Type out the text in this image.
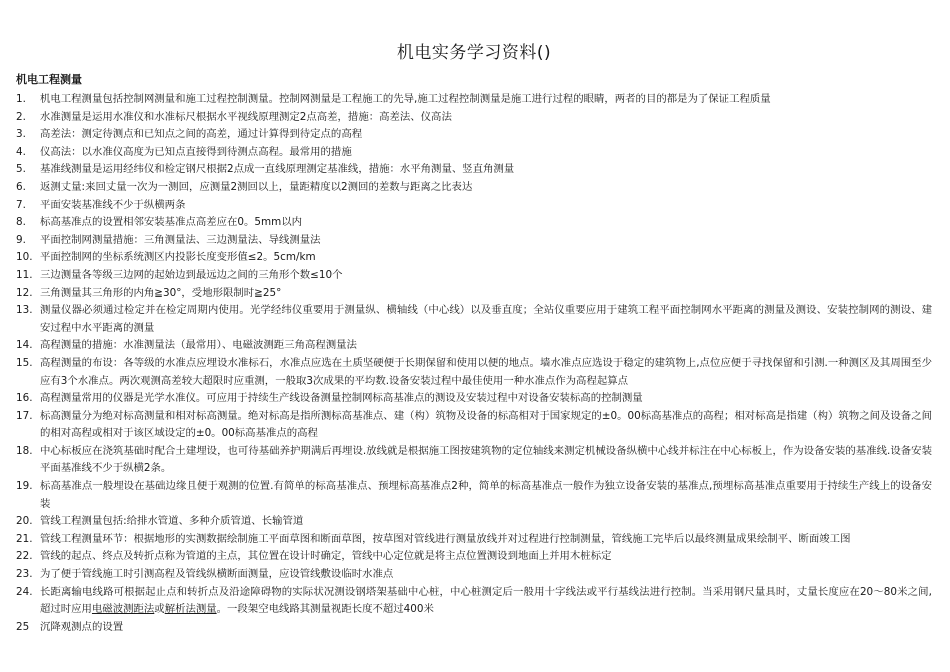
机电实务学习资料()
机电工程测量
1.	机电工程测量包括控制网测量和施工过程控制测量。控制网测量是工程施工的先导,施工过程控制测量是施工进行过程的眼睛，两者的目的都是为了保证工程质量
2.	水准测量是运用水准仪和水准标尺根据水平视线原理测定2点高差，措施：高差法、仪高法
3.	高差法：测定待测点和已知点之间的高差，通过计算得到待定点的高程
4.	仪高法：以水准仪高度为已知点直接得到待测点高程。最常用的措施
5.	基准线测量是运用经纬仪和检定钢尺根据2点成一直线原理测定基准线，措施：水平角测量、竖直角测量
6.	返测丈量:来回丈量一次为一测回，应测量2测回以上，量距精度以2测回的差数与距离之比表达
7.	平面安装基准线不少于纵横两条
8.	标高基准点的设置相邻安装基准点高差应在0。5mm以内
9.	平面控制网测量措施：三角测量法、三边测量法、导线测量法
10. 平面控制网的坐标系统测区内投影长度变形值≤2。5cm/km
11. 三边测量各等级三边网的起始边到最远边之间的三角形个数≤10个
12. 三角测量其三角形的内角≧30°，受地形限制时≧25°
13. 测量仪器必须通过检定并在检定周期内使用。光学经纬仪重要用于测量纵、横轴线（中心线）以及垂直度；全站仪重要应用于建筑工程平面控制网水平距离的测量及测设、安装控制网的测设、建安过程中水平距离的测量
14. 高程测量的措施：水准测量法（最常用）、电磁波测距三角高程测量法
15. 高程测量的布设：各等级的水准点应埋设水准标石，水准点应选在土质坚硬便于长期保留和使用以便的地点。墙水准点应选设于稳定的建筑物上,点位应便于寻找保留和引测.一种测区及其周围至少应有3个水准点。两次观测高差较大超限时应重测，一般取3次成果的平均数.设备安装过程中最佳使用一种水准点作为高程起算点
16. 高程测量常用的仪器是光学水准仪。可应用于持续生产线设备测量控制网标高基准点的测设及安装过程中对设备安装标高的控制测量
17. 标高测量分为绝对标高测量和相对标高测量。绝对标高是指所测标高基准点、建（构）筑物及设备的标高相对于国家规定的±0。00标高基准点的高程；相对标高是指建（构）筑物之间及设备之间的相对高程或相对于该区域设定的±0。00标高基准点的高程
18. 中心标板应在浇筑基础时配合土建埋设，也可待基础养护期满后再埋设.放线就是根据施工图按建筑物的定位轴线来测定机械设备纵横中心线并标注在中心标板上，作为设备安装的基准线.设备安装平面基准线不少于纵横2条。
19. 标高基准点一般埋设在基础边缘且便于观测的位置.有简单的标高基准点、预埋标高基准点2种，简单的标高基准点一般作为独立设备安装的基准点,预埋标高基准点重要用于持续生产线上的设备安装
20. 管线工程测量包括:给排水管道、多种介质管道、长输管道
21. 管线工程测量环节：根据地形的实测数据绘制施工平面草图和断面草图，按草图对管线进行测量放线并对过程进行控制测量，管线施工完毕后以最终测量成果绘制平、断面竣工图
22. 管线的起点、终点及转折点称为管道的主点，其位置在设计时确定，管线中心定位就是将主点位置测设到地面上并用木桩标定
23. 为了便于管线施工时引测高程及管线纵横断面测量，应设管线敷设临时水准点
24. 长距离输电线路可根据起止点和转折点及沿途障碍物的实际状况测设钢塔架基础中心桩，中心桩测定后一般用十字线法或平行基线法进行控制。当采用钢尺量具时，丈量长度应在20～80米之间,超过时应用电磁波测距法或解析法测量。一段架空电线路其测量视距长度不超过400米
25	沉降观测点的设置
